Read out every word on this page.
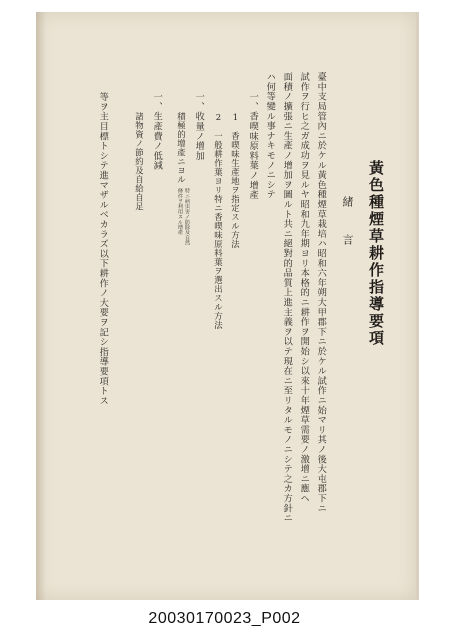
黃色種煙草耕作指導要項
緒　言
臺中支局管內ニ於ケル黃色種煙草栽培ハ昭和六年朔大甲郡下ニ於ケル試作ニ始マリ其ノ後大屯郡下ニ
試作ヲ行ヒ之ガ成功ヲ見ルヤ昭和九年期ヨリ本格的ニ耕作ヲ開始シ以來十年煙草需要ノ激增ニ應ヘ
面積ノ擴張ニ生產ノ增加ヲ圖ルト共ニ絕對的品質上進主義ヲ以テ現在ニ至リタルモノニシテ之カ方針ニ
ハ何等變ル事ナキモノニシテ
一、香喫味原料葉ノ增產
1　香喫味生產地ヲ指定スル方法
2　一般耕作葉ヨリ特ニ香喫味原料葉ヲ選出スル方法
一、收量ノ增加
積極的增產ニヨル
特ニ病虫害ノ防除及自然
條件ヲ利用スル增產
一、生產費ノ低減
諸物資ノ節約及自給自足
等ヲ主目標トシテ進マザルベカラズ以下耕作ノ大要ヲ記シ指導要項トス
20030170023_P002
